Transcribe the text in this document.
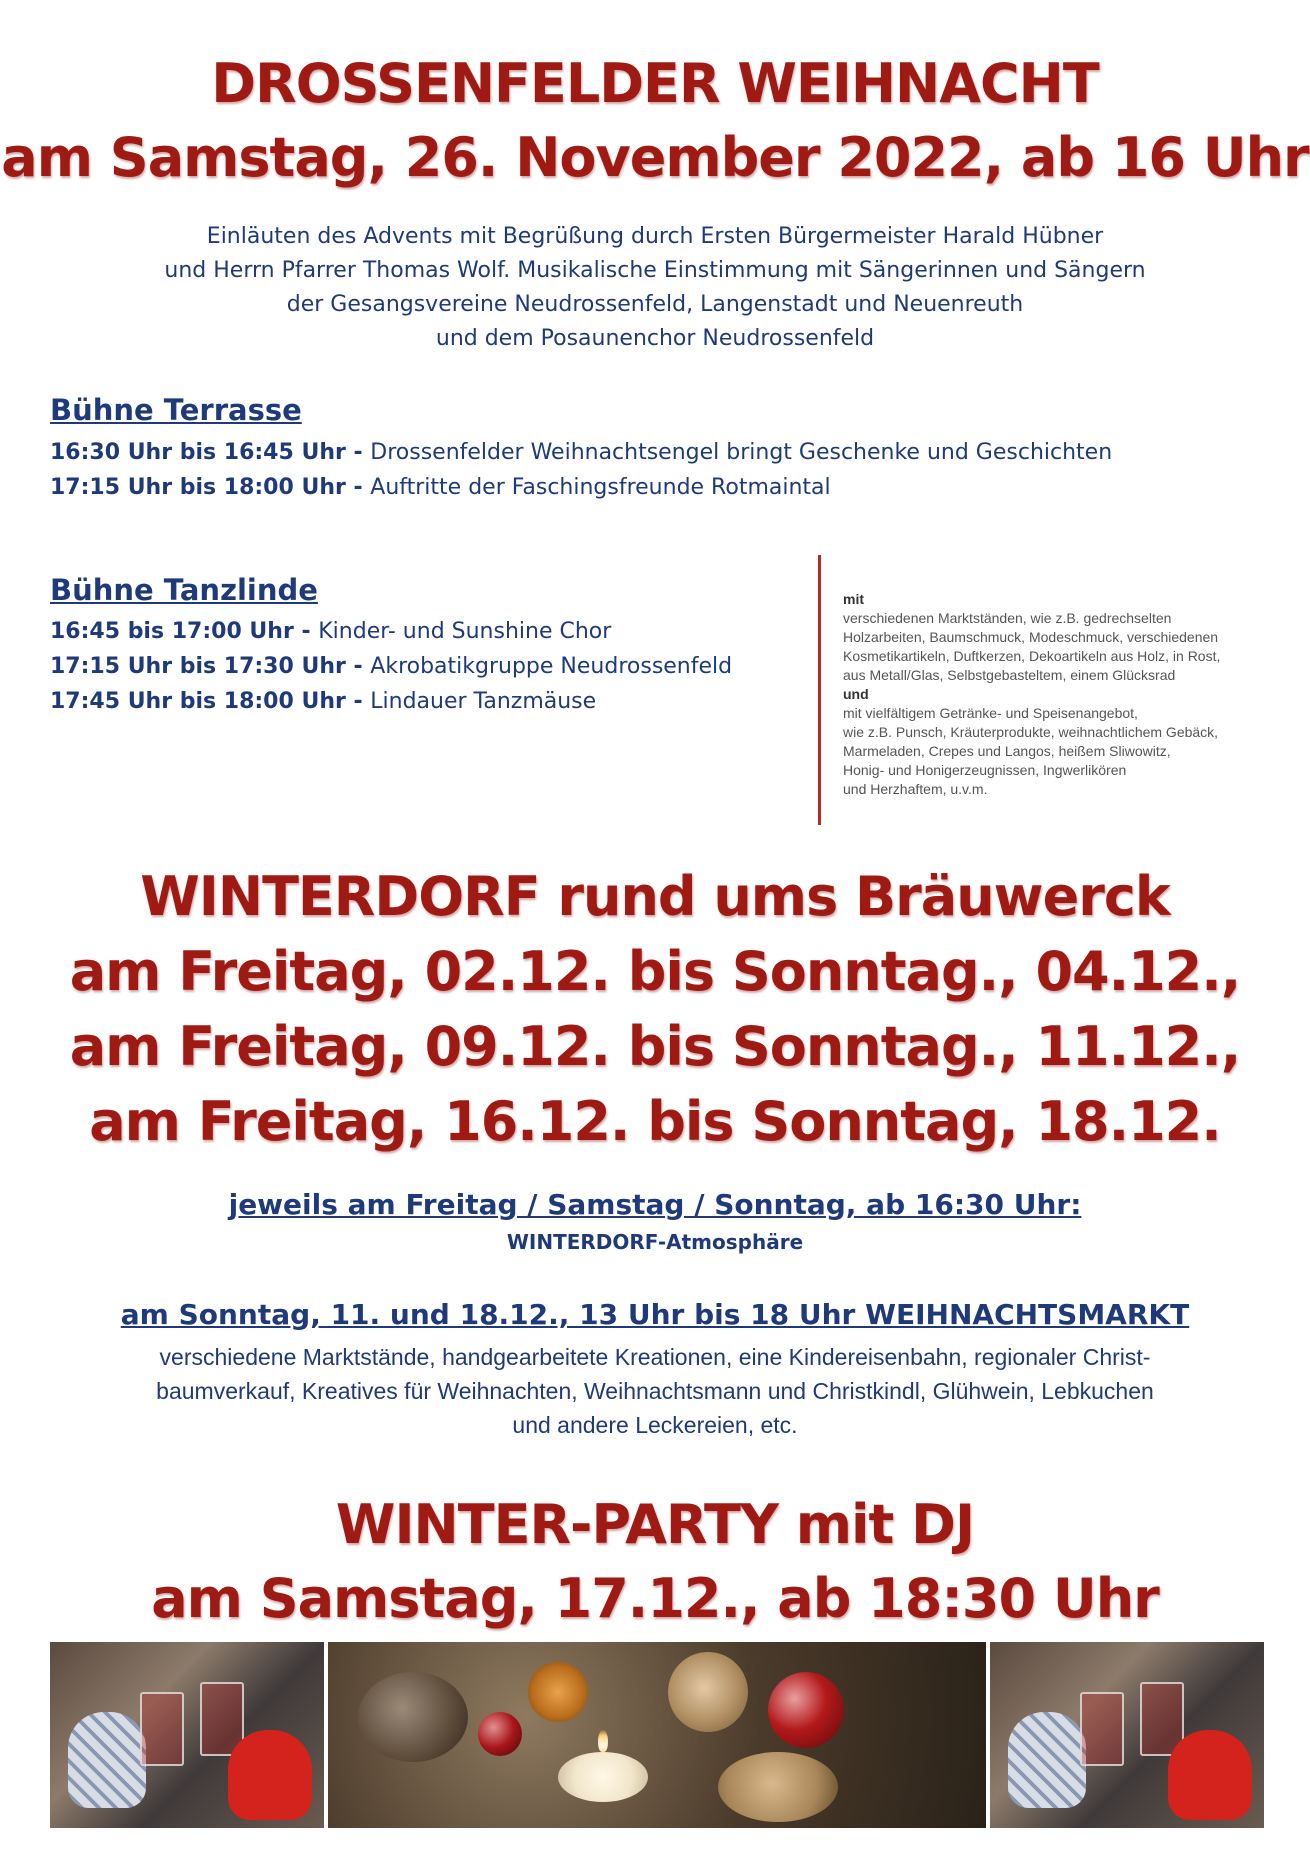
DROSSENFELDER WEIHNACHT
am Samstag, 26. November 2022, ab 16 Uhr
Einläuten des Advents mit Begrüßung durch Ersten Bürgermeister Harald Hübner
und Herrn Pfarrer Thomas Wolf. Musikalische Einstimmung mit Sängerinnen und Sängern
der Gesangsvereine Neudrossenfeld, Langenstadt und Neuenreuth
und dem Posaunenchor Neudrossenfeld
Bühne Terrasse
16:30 Uhr bis 16:45 Uhr - Drossenfelder Weihnachtsengel bringt Geschenke und Geschichten
17:15 Uhr bis 18:00 Uhr - Auftritte der Faschingsfreunde Rotmaintal
Bühne Tanzlinde
16:45 bis 17:00 Uhr - Kinder- und Sunshine Chor
17:15 Uhr bis 17:30 Uhr - Akrobatikgruppe Neudrossenfeld
17:45 Uhr bis 18:00 Uhr - Lindauer Tanzmäuse
mit
verschiedenen Marktständen, wie z.B. gedrechselten
Holzarbeiten, Baumschmuck, Modeschmuck, verschiedenen
Kosmetikartikeln, Duftkerzen, Dekoartikeln aus Holz, in Rost,
aus Metall/Glas, Selbstgebasteltem, einem Glücksrad
und
mit vielfältigem Getränke- und Speisenangebot,
wie z.B. Punsch, Kräuterprodukte, weihnachtlichem Gebäck,
Marmeladen, Crepes und Langos, heißem Sliwowitz,
Honig- und Honigerzeugnissen, Ingwerlikören
und Herzhaftem, u.v.m.
WINTERDORF rund ums Bräuwerck
am Freitag, 02.12. bis Sonntag., 04.12.,
am Freitag, 09.12. bis Sonntag., 11.12.,
am Freitag, 16.12. bis Sonntag, 18.12.
jeweils am Freitag / Samstag / Sonntag, ab 16:30 Uhr:
WINTERDORF-Atmosphäre
am Sonntag, 11. und 18.12., 13 Uhr bis 18 Uhr WEIHNACHTSMARKT
verschiedene Marktstände, handgearbeitete Kreationen, eine Kindereisenbahn, regionaler Christ-
baumverkauf, Kreatives für Weihnachten, Weihnachtsmann und Christkindl, Glühwein, Lebkuchen
und andere Leckereien, etc.
WINTER-PARTY mit DJ
am Samstag, 17.12., ab 18:30 Uhr
